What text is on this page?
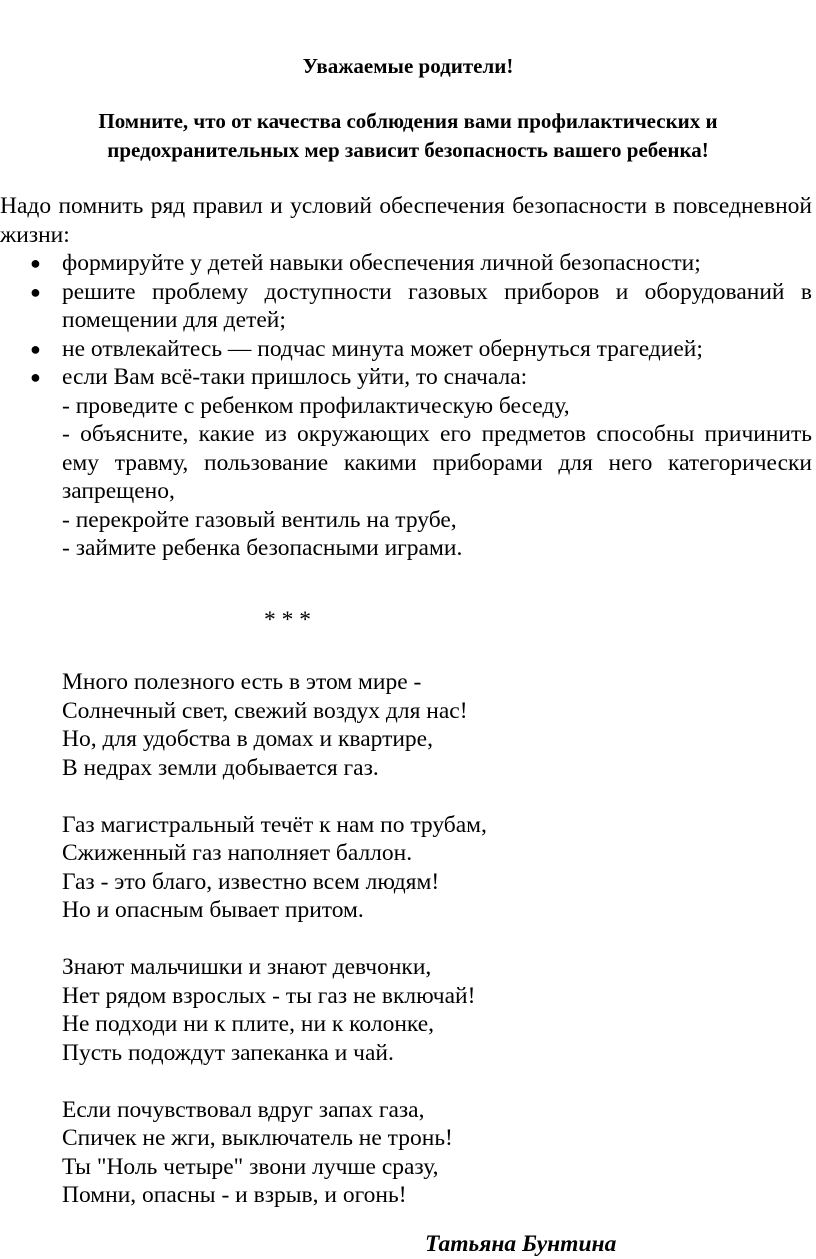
Уважаемые родители!
Помните, что от качества соблюдения вами профилактических и предохранительных мер зависит безопасность вашего ребенка!
Надо помнить ряд правил и условий обеспечения безопасности в повседневной жизни:
● формируйте у детей навыки обеспечения личной безопасности;
● решите проблему доступности газовых приборов и оборудований в помещении для детей;
● не отвлекайтесь — подчас минута может обернуться трагедией;
● если Вам всё-таки пришлось уйти, то сначала:
- проведите с ребенком профилактическую беседу,
- объясните, какие из окружающих его предметов способны причинить ему травму, пользование какими приборами для него категорически запрещено,
- перекройте газовый вентиль на трубе,
- займите ребенка безопасными играми.
* * *
Много полезного есть в этом мире -
Солнечный свет, свежий воздух для нас!
Но, для удобства в домах и квартире,
В недрах земли добывается газ.
Газ магистральный течёт к нам по трубам,
Сжиженный газ наполняет баллон.
Газ - это благо, известно всем людям!
Но и опасным бывает притом.
Знают мальчишки и знают девчонки,
Нет рядом взрослых - ты газ не включай!
Не подходи ни к плите, ни к колонке,
Пусть подождут запеканка и чай.
Если почувствовал вдруг запах газа,
Спичек не жги, выключатель не тронь!
Ты "Ноль четыре" звони лучше сразу,
Помни, опасны - и взрыв, и огонь!
Татьяна Бунтина
